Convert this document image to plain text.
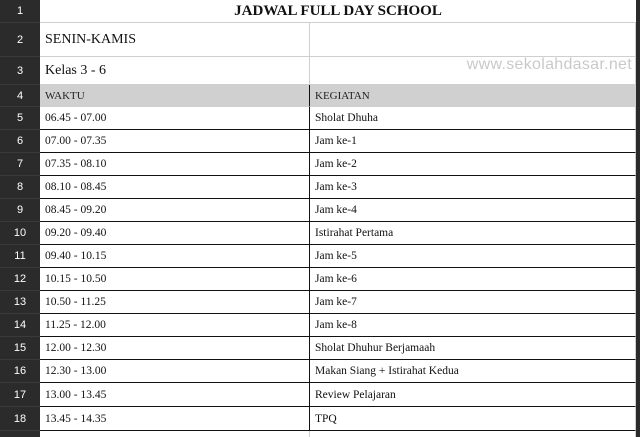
1	JADWAL FULL DAY SCHOOL
2	SENIN-KAMIS
3	Kelas 3 - 6
4	WAKTU	KEGIATAN
5	06.45 - 07.00	Sholat Dhuha
6	07.00 - 07.35	Jam ke-1
7	07.35 - 08.10	Jam ke-2
8	08.10 - 08.45	Jam ke-3
9	08.45 - 09.20	Jam ke-4
10	09.20 - 09.40	Istirahat Pertama
11	09.40 - 10.15	Jam ke-5
12	10.15 - 10.50	Jam ke-6
13	10.50 - 11.25	Jam ke-7
14	11.25 - 12.00	Jam ke-8
15	12.00 - 12.30	Sholat Dhuhur Berjamaah
16	12.30 - 13.00	Makan Siang + Istirahat Kedua
17	13.00 - 13.45	Review Pelajaran
18	13.45 - 14.35	TPQ
www.sekolahdasar.net
